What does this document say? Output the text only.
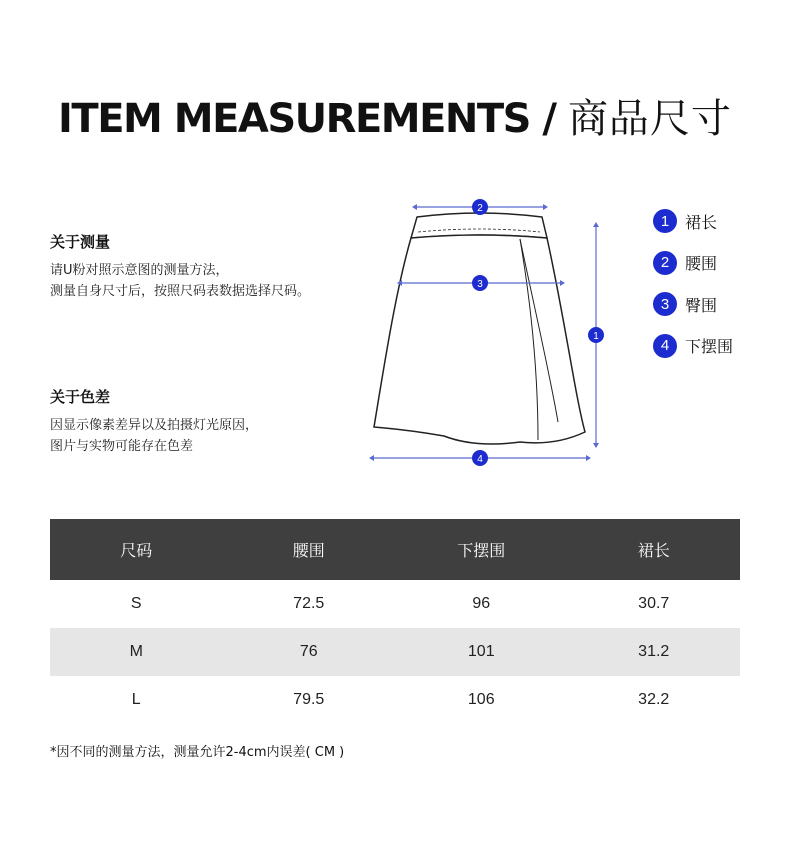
ITEM MEASUREMENTS / 商品尺寸
关于测量
请U粉对照示意图的测量方法，
测量自身尺寸后，按照尺码表数据选择尺码。
关于色差
因显示像素差异以及拍摄灯光原因，
图片与实物可能存在色差
2
3
1
4
1 裙长
2 腰围
3 臀围
4 下摆围
尺码	腰围	下摆围	裙长
S	72.5	96	30.7
M	76	101	31.2
L	79.5	106	32.2
*因不同的测量方法，测量允许2-4cm内误差( CM )
